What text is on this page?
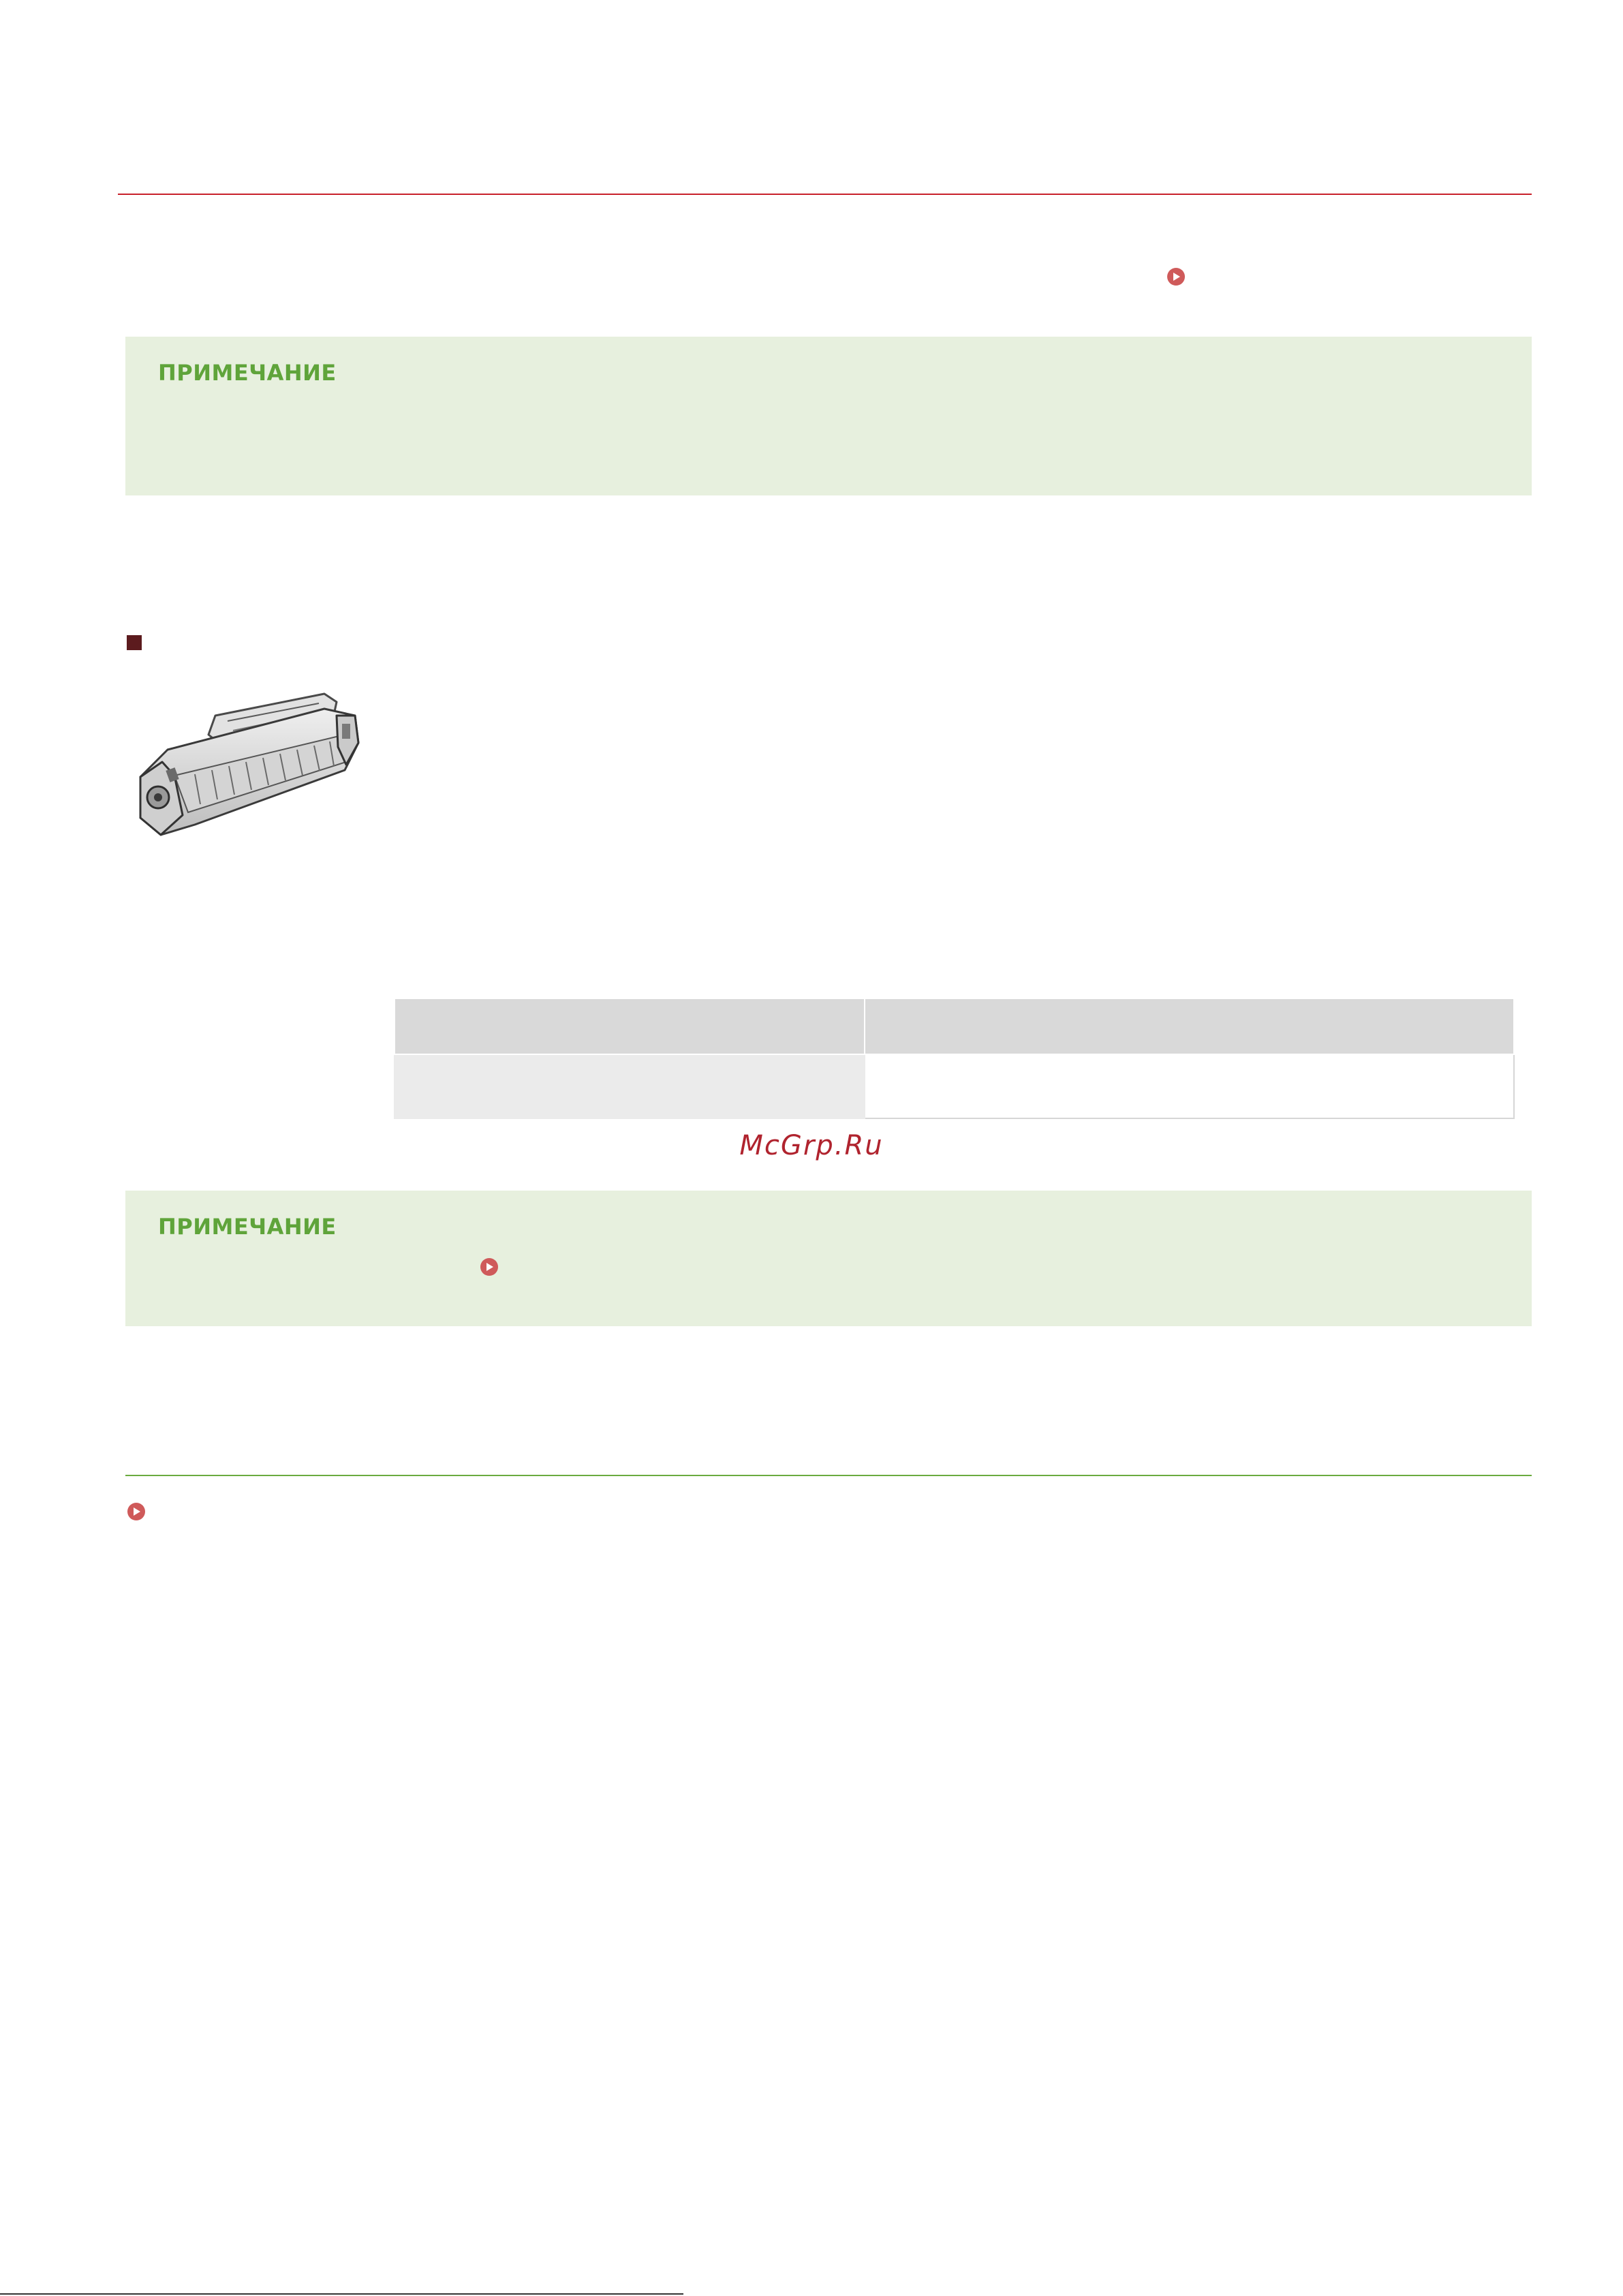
ПРИМЕЧАНИЕ

McGrp.Ru
ПРИМЕЧАНИЕ
